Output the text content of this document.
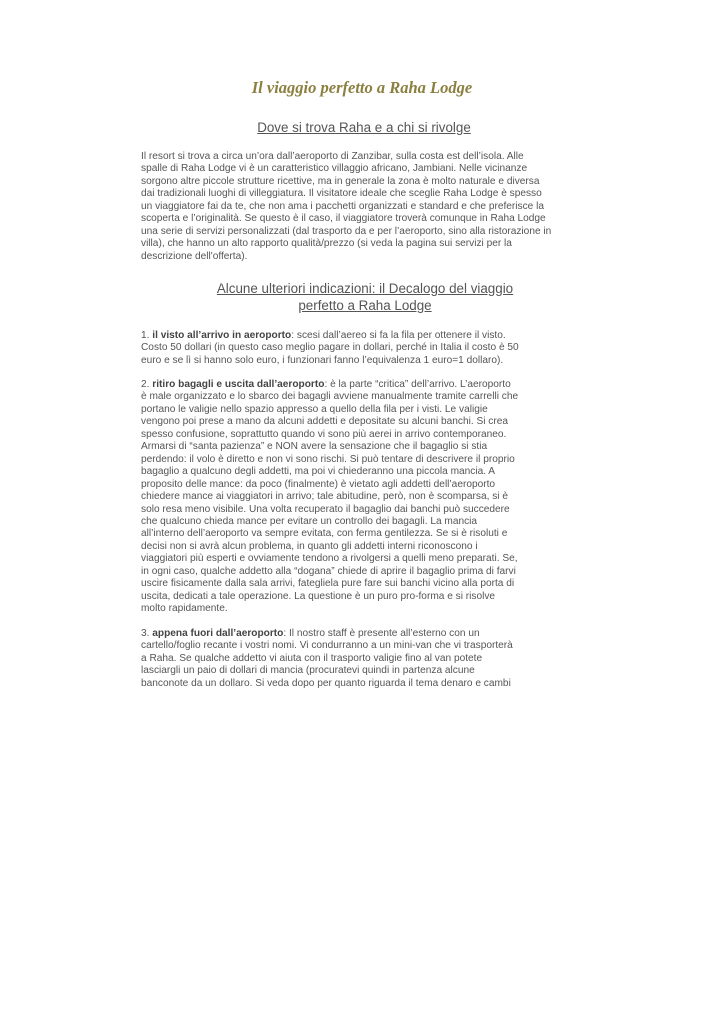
Il viaggio perfetto a Raha Lodge
Dove si trova Raha e a chi si rivolge

Il resort si trova a circa un’ora dall’aeroporto di Zanzibar, sulla costa est dell’isola. Alle
spalle di Raha Lodge vi è un caratteristico villaggio africano, Jambiani. Nelle vicinanze
sorgono altre piccole strutture ricettive, ma in generale la zona è molto naturale e diversa
dai tradizionali luoghi di villeggiatura. Il visitatore ideale che sceglie Raha Lodge è spesso
un viaggiatore fai da te, che non ama i pacchetti organizzati e standard e che preferisce la
scoperta e l’originalità. Se questo è il caso, il viaggiatore troverà comunque in Raha Lodge
una serie di servizi personalizzati (dal trasporto da e per l’aeroporto, sino alla ristorazione in
villa), che hanno un alto rapporto qualità/prezzo (si veda la pagina sui servizi per la
descrizione dell'offerta).

Alcune ulteriori indicazioni: il Decalogo del viaggio
perfetto a Raha Lodge

1. il visto all’arrivo in aeroporto: scesi dall’aereo si fa la fila per ottenere il visto.
Costo 50 dollari (in questo caso meglio pagare in dollari, perché in Italia il costo è 50
euro e se lì si hanno solo euro, i funzionari fanno l’equivalenza 1 euro=1 dollaro).

2. ritiro bagagli e uscita dall’aeroporto: è la parte “critica” dell’arrivo. L’aeroporto
è male organizzato e lo sbarco dei bagagli avviene manualmente tramite carrelli che
portano le valigie nello spazio appresso a quello della fila per i visti. Le valigie
vengono poi prese a mano da alcuni addetti e depositate su alcuni banchi. Si crea
spesso confusione, soprattutto quando vi sono più aerei in arrivo contemporaneo.
Armarsi di “santa pazienza” e NON avere la sensazione che il bagaglio si stia
perdendo: il volo è diretto e non vi sono rischi. Si può tentare di descrivere il proprio
bagaglio a qualcuno degli addetti, ma poi vi chiederanno una piccola mancia. A
proposito delle mance: da poco (finalmente) è vietato agli addetti dell’aeroporto
chiedere mance ai viaggiatori in arrivo; tale abitudine, però, non è scomparsa, si è
solo resa meno visibile. Una volta recuperato il bagaglio dai banchi può succedere
che qualcuno chieda mance per evitare un controllo dei bagagli. La mancia
all’interno dell’aeroporto va sempre evitata, con ferma gentilezza. Se si è risoluti e
decisi non si avrà alcun problema, in quanto gli addetti interni riconoscono i
viaggiatori più esperti e ovviamente tendono a rivolgersi a quelli meno preparati. Se,
in ogni caso, qualche addetto alla “dogana” chiede di aprire il bagaglio prima di farvi
uscire fisicamente dalla sala arrivi, fategliela pure fare sui banchi vicino alla porta di
uscita, dedicati a tale operazione. La questione è un puro pro-forma e si risolve
molto rapidamente.

3. appena fuori dall’aeroporto: Il nostro staff è presente all’esterno con un
cartello/foglio recante i vostri nomi. Vi condurranno a un mini-van che vi trasporterà
a Raha. Se qualche addetto vi aiuta con il trasporto valigie fino al van potete
lasciargli un paio di dollari di mancia (procuratevi quindi in partenza alcune
banconote da un dollaro. Si veda dopo per quanto riguarda il tema denaro e cambi
